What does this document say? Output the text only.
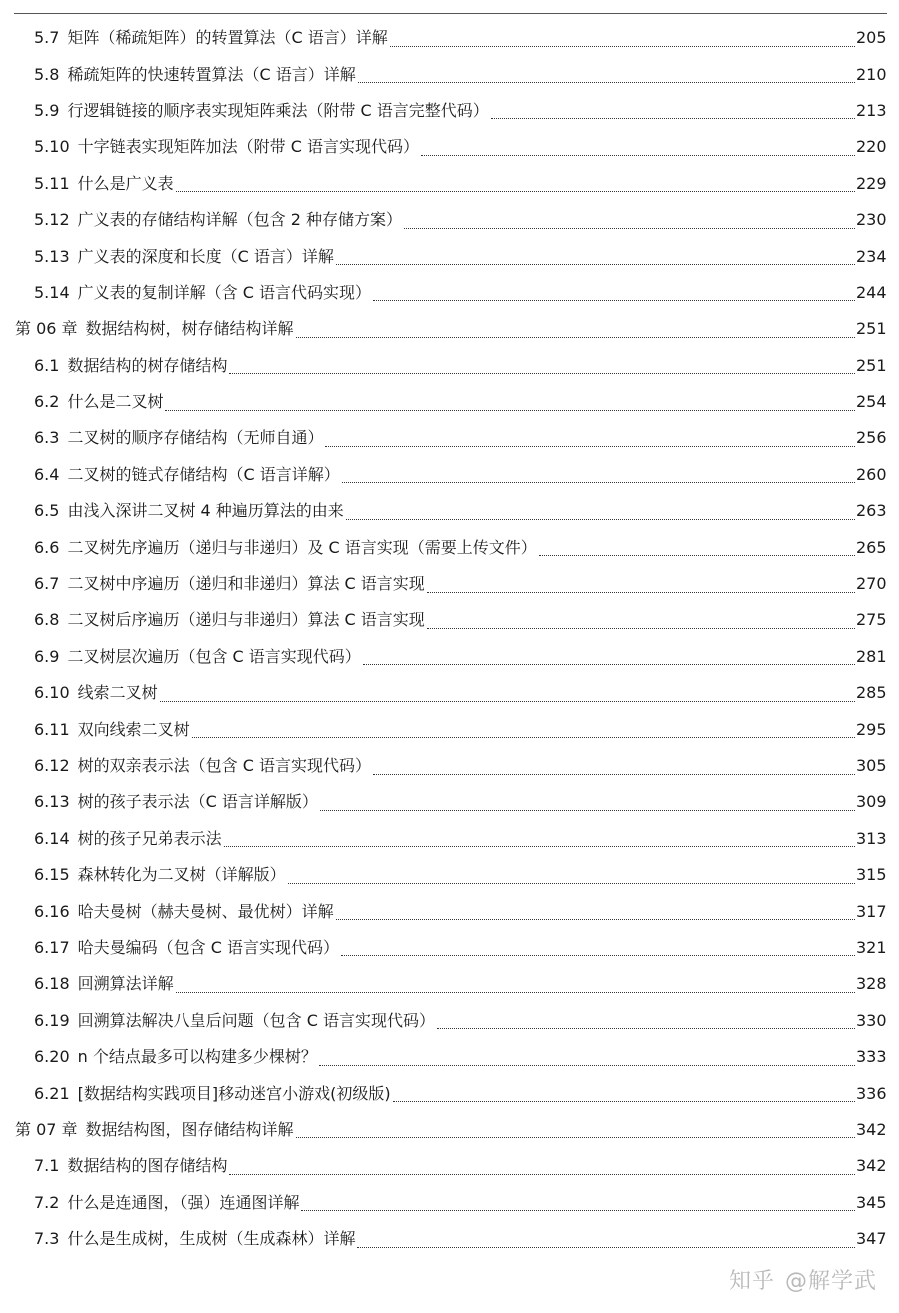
5.7 矩阵（稀疏矩阵）的转置算法（C 语言）详解	205
5.8 稀疏矩阵的快速转置算法（C 语言）详解	210
5.9 行逻辑链接的顺序表实现矩阵乘法（附带 C 语言完整代码）	213
5.10 十字链表实现矩阵加法（附带 C 语言实现代码）	220
5.11 什么是广义表	229
5.12 广义表的存储结构详解（包含 2 种存储方案）	230
5.13 广义表的深度和长度（C 语言）详解	234
5.14 广义表的复制详解（含 C 语言代码实现）	244
第 06 章 数据结构树，树存储结构详解	251
6.1 数据结构的树存储结构	251
6.2 什么是二叉树	254
6.3 二叉树的顺序存储结构（无师自通）	256
6.4 二叉树的链式存储结构（C 语言详解）	260
6.5 由浅入深讲二叉树 4 种遍历算法的由来	263
6.6 二叉树先序遍历（递归与非递归）及 C 语言实现（需要上传文件）	265
6.7 二叉树中序遍历（递归和非递归）算法 C 语言实现	270
6.8 二叉树后序遍历（递归与非递归）算法 C 语言实现	275
6.9 二叉树层次遍历（包含 C 语言实现代码）	281
6.10 线索二叉树	285
6.11 双向线索二叉树	295
6.12 树的双亲表示法（包含 C 语言实现代码）	305
6.13 树的孩子表示法（C 语言详解版）	309
6.14 树的孩子兄弟表示法	313
6.15 森林转化为二叉树（详解版）	315
6.16 哈夫曼树（赫夫曼树、最优树）详解	317
6.17 哈夫曼编码（包含 C 语言实现代码）	321
6.18 回溯算法详解	328
6.19 回溯算法解决八皇后问题（包含 C 语言实现代码）	330
6.20 n 个结点最多可以构建多少棵树？	333
6.21 [数据结构实践项目]移动迷宫小游戏(初级版)	336
第 07 章 数据结构图，图存储结构详解	342
7.1 数据结构的图存储结构	342
7.2 什么是连通图，（强）连通图详解	345
7.3 什么是生成树，生成树（生成森林）详解	347
知乎 @解学武
